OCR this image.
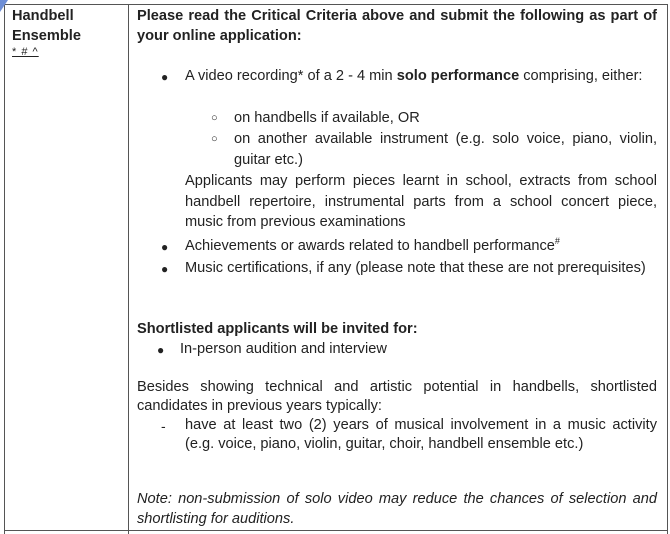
Handbell Ensemble
* # ^
Please read the Critical Criteria above and submit the following as part of your online application:
● A video recording* of a 2 - 4 min solo performance comprising, either:
○ on handbells if available, OR
○ on another available instrument (e.g. solo voice, piano, violin, guitar etc.)
Applicants may perform pieces learnt in school, extracts from school handbell repertoire, instrumental parts from a school concert piece, music from previous examinations
● Achievements or awards related to handbell performance#
● Music certifications, if any (please note that these are not prerequisites)
Shortlisted applicants will be invited for:
● In-person audition and interview
Besides showing technical and artistic potential in handbells, shortlisted candidates in previous years typically:
- have at least two (2) years of musical involvement in a music activity (e.g. voice, piano, violin, guitar, choir, handbell ensemble etc.)
Note: non-submission of solo video may reduce the chances of selection and shortlisting for auditions.
